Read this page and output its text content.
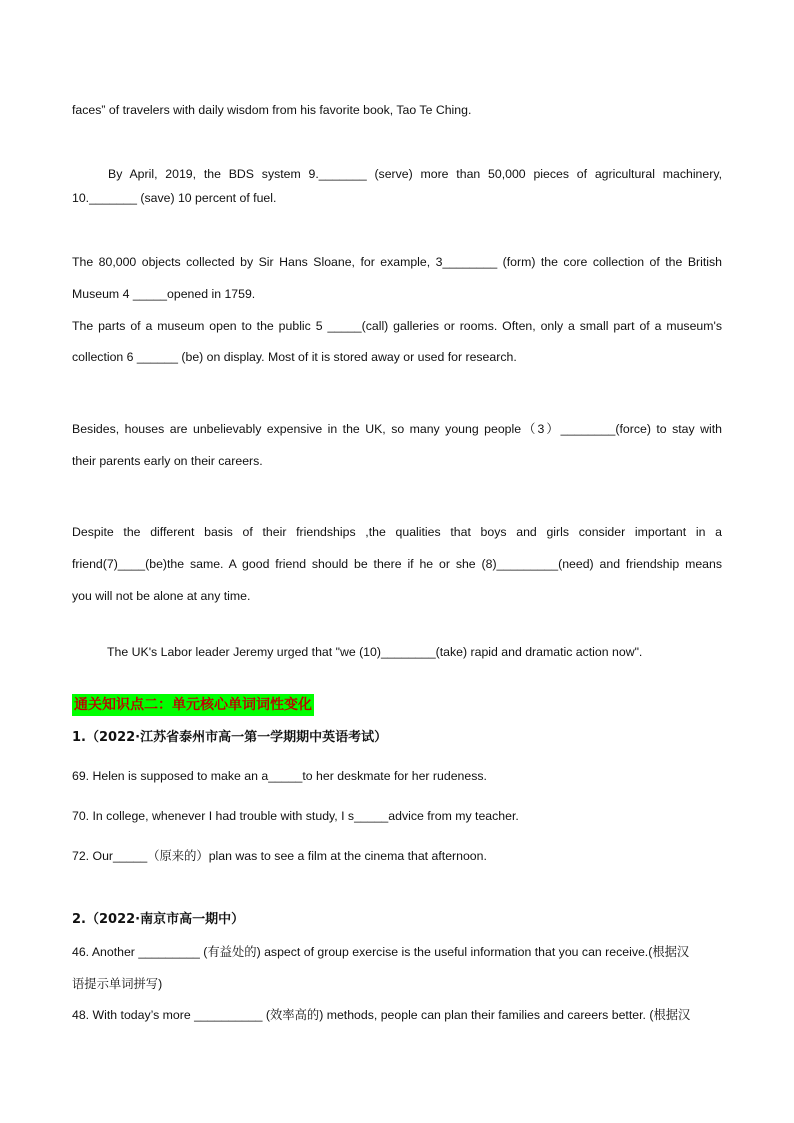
faces” of travelers with daily wisdom from his favorite book, Tao Te Ching.

By April, 2019, the BDS system 9._______ (serve) more than 50,000 pieces of agricultural machinery,

10._______ (save) 10 percent of fuel.

The 80,000 objects collected by Sir Hans Sloane, for example, 3________ (form) the core collection of the British

Museum 4 _____opened in 1759.

The parts of a museum open to the public 5 _____(call) galleries or rooms. Often, only a small part of a museum's

collection 6 ______ (be) on display. Most of it is stored away or used for research.

Besides, houses are unbelievably expensive in the UK, so many young people（3）________(force) to stay with

their parents early on their careers.

Despite the different basis of their friendships ,the qualities that boys and girls consider important in a

friend(7)____(be)the same. A good friend should be there if he or she (8)_________(need) and friendship means

you will not be alone at any time.

The UK's Labor leader Jeremy urged that "we (10)________(take) rapid and dramatic action now".

通关知识点二：单元核心单词词性变化
1.（2022·江苏省泰州市高一第一学期期中英语考试）

69. Helen is supposed to make an a_____to her deskmate for her rudeness.

70. In college, whenever I had trouble with study, I s_____advice from my teacher.

72. Our_____（原来的）plan was to see a film at the cinema that afternoon.

2.（2022·南京市高一期中）

46. Another _________ (有益处的) aspect of group exercise is the useful information that you can receive.(根据汉

语提示单词拼写)

48. With today’s more __________ (效率高的) methods, people can plan their families and careers better. (根据汉
